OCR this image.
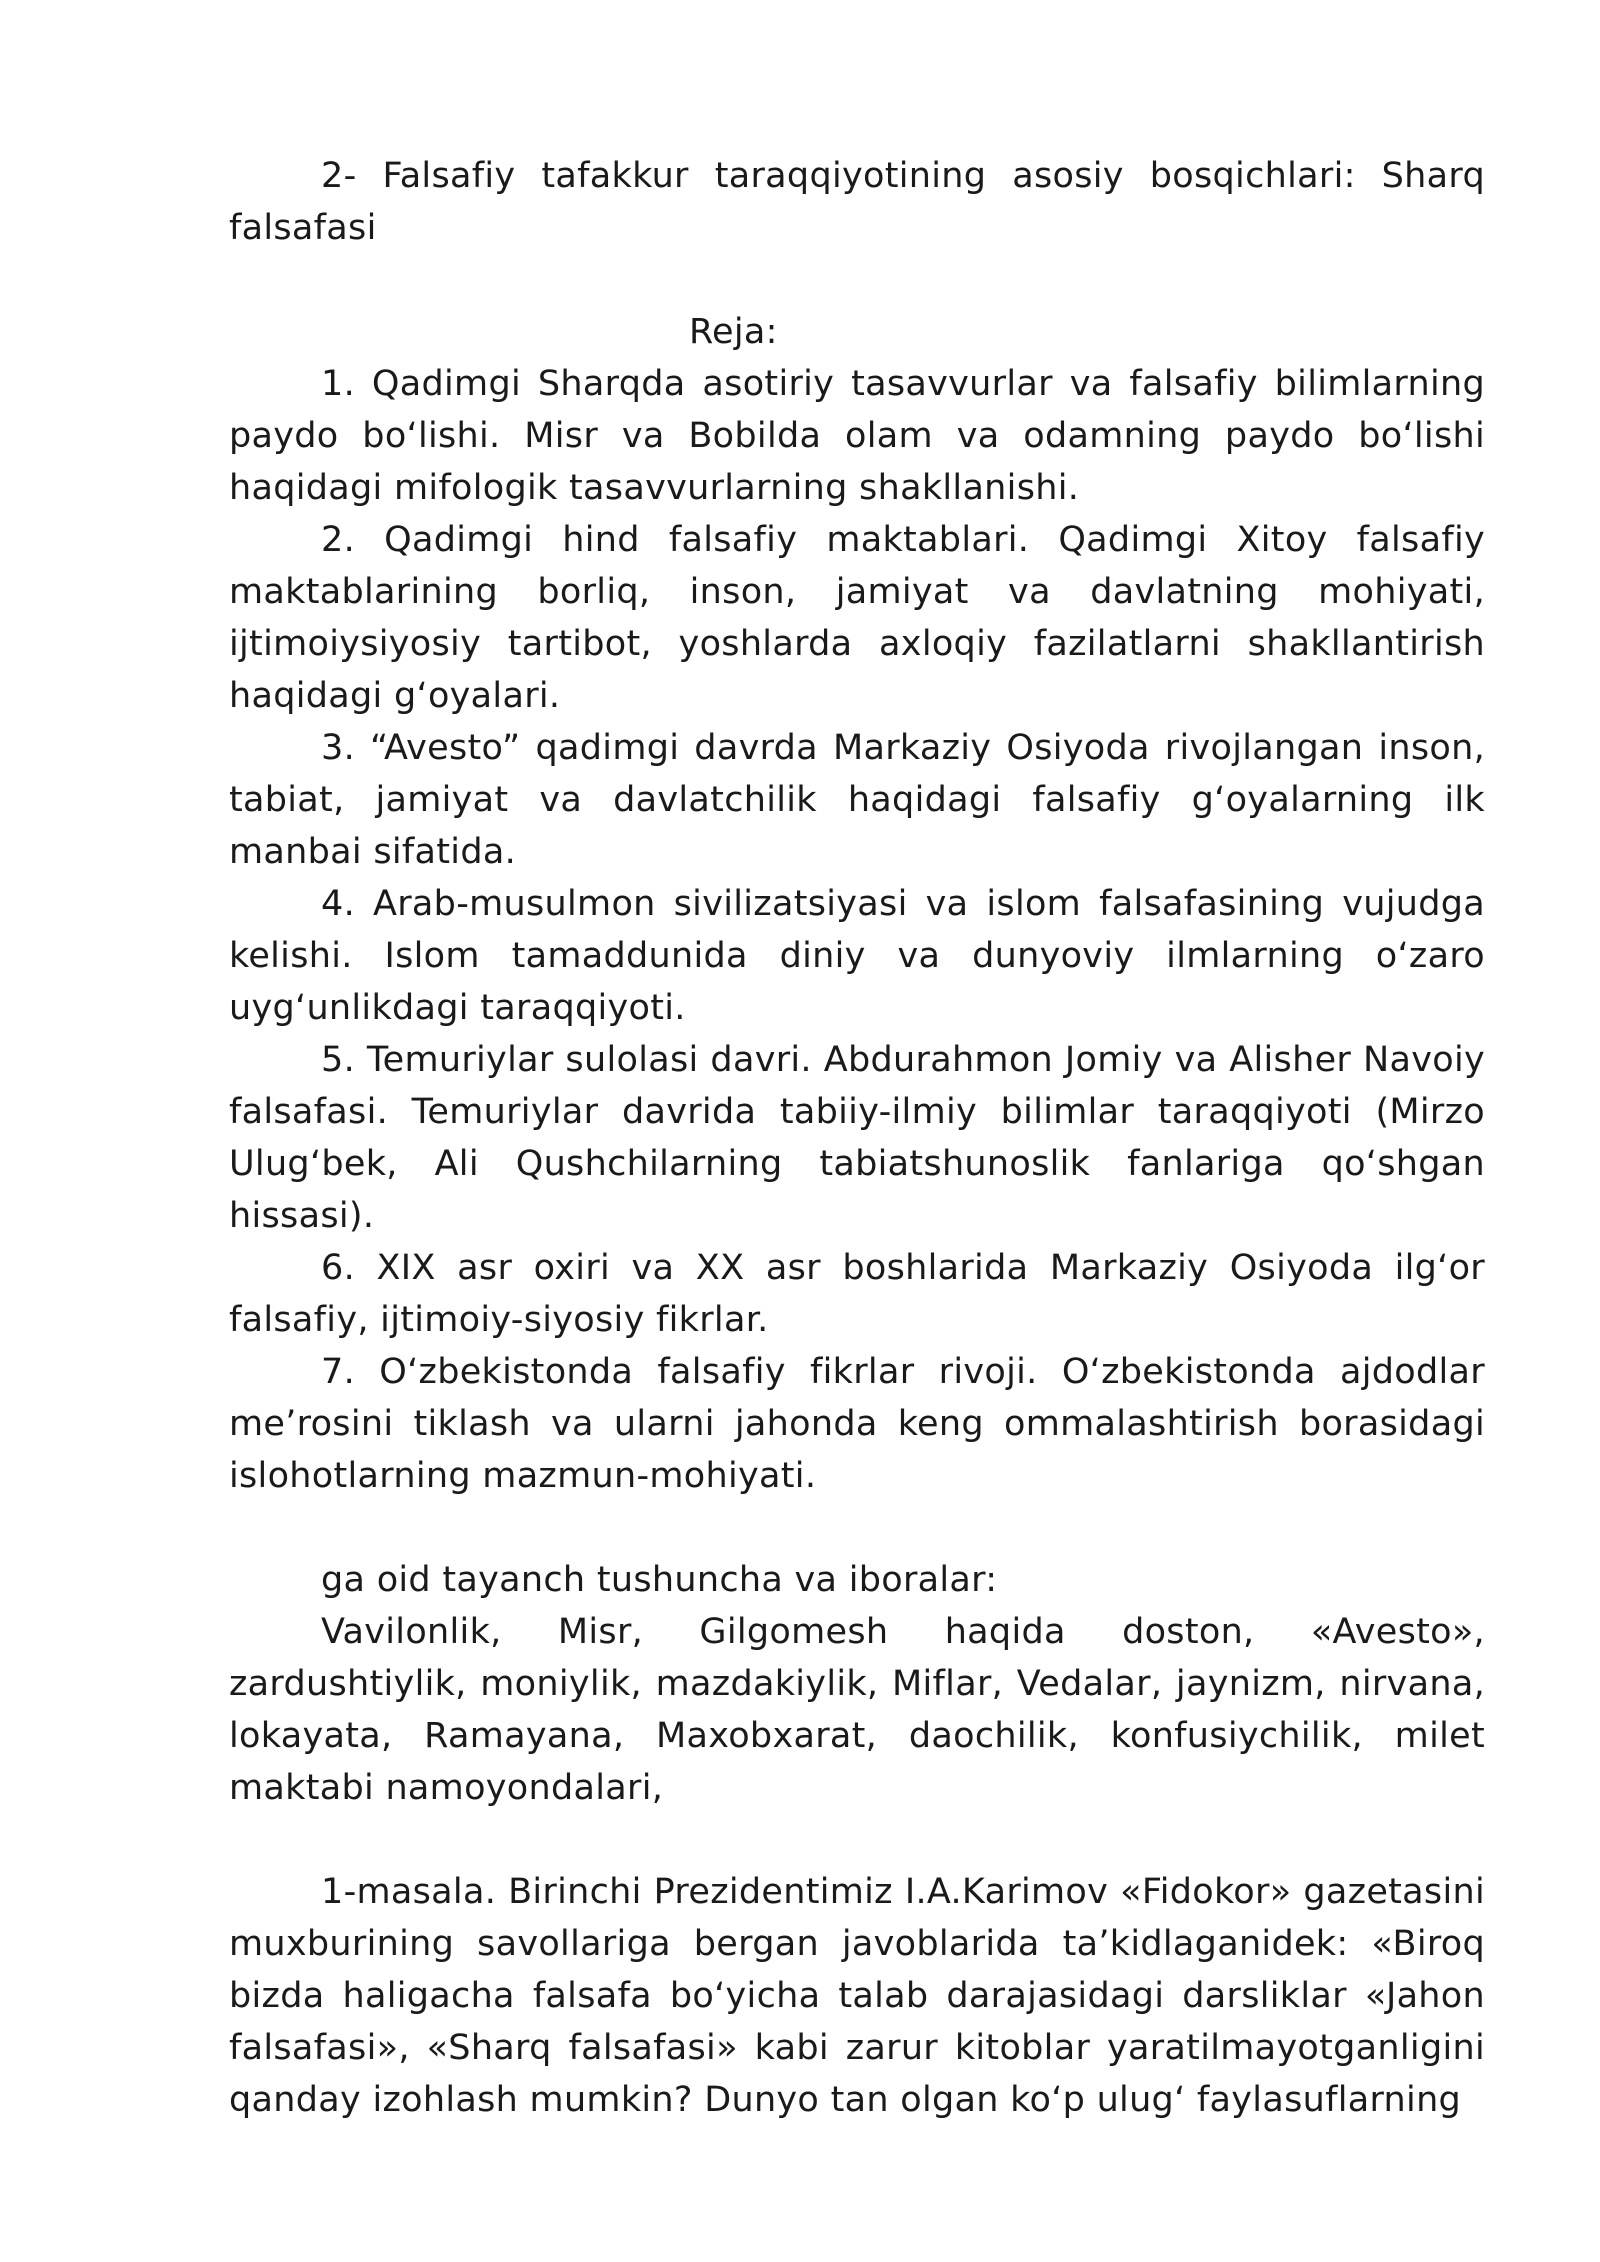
2- Falsafiy tafakkur taraqqiyotining asosiy bosqichlari: Sharq falsafasi

Reja:

1. Qadimgi Sharqda asotiriy tasavvurlar va falsafiy bilimlarning paydo bo‘lishi. Misr va Bobilda olam va odamning paydo bo‘lishi haqidagi mifologik tasavvurlarning shakllanishi.

2. Qadimgi hind falsafiy maktablari. Qadimgi Xitoy falsafiy maktablarining borliq, inson, jamiyat va davlatning mohiyati, ijtimoiysiyosiy tartibot, yoshlarda axloqiy fazilatlarni shakllantirish haqidagi g‘oyalari.

3. “Avesto” qadimgi davrda Markaziy Osiyoda rivojlangan inson, tabiat, jamiyat va davlatchilik haqidagi falsafiy g‘oyalarning ilk manbai sifatida.

4. Arab-musulmon sivilizatsiyasi va islom falsafasining vujudga kelishi. Islom tamaddunida diniy va dunyoviy ilmlarning o‘zaro uyg‘unlikdagi taraqqiyoti.

5. Temuriylar sulolasi davri. Abdurahmon Jomiy va Alisher Navoiy falsafasi. Temuriylar davrida tabiiy-ilmiy bilimlar taraqqiyoti (Mirzo Ulug‘bek, Ali Qushchilarning tabiatshunoslik fanlariga qo‘shgan hissasi).

6. XIX asr oxiri va XX asr boshlarida Markaziy Osiyoda ilg‘or falsafiy, ijtimoiy-siyosiy fikrlar.

7. O‘zbekistonda falsafiy fikrlar rivoji. O‘zbekistonda ajdodlar me’rosini tiklash va ularni jahonda keng ommalashtirish borasidagi islohotlarning mazmun-mohiyati.

ga oid tayanch tushuncha va iboralar:

Vavilonlik, Misr, Gilgomesh haqida doston, «Avesto», zardushtiylik, moniylik, mazdakiylik, Miflar, Vedalar, jaynizm, nirvana, lokayata, Ramayana, Maxobxarat, daochilik, konfusiychilik, milet maktabi namoyondalari,

1-masala. Birinchi Prezidentimiz I.A.Karimov «Fidokor» gazetasini muxburining savollariga bergan javoblarida ta’kidlaganidek: «Biroq bizda haligacha falsafa bo‘yicha talab darajasidagi darsliklar «Jahon falsafasi», «Sharq falsafasi» kabi zarur kitoblar yaratilmayotganligini qanday izohlash mumkin? Dunyo tan olgan ko‘p ulug‘ faylasuflarning
